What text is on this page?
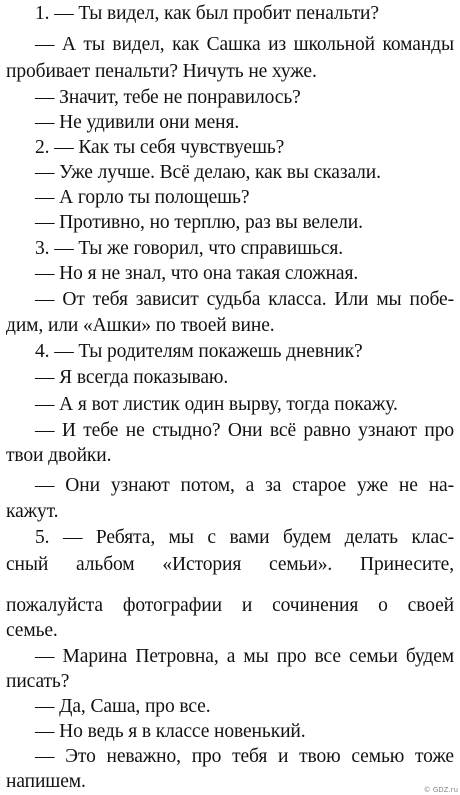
1. — Ты видел, как был пробит пенальти?
— А ты видел, как Сашка из школьной команды
пробивает пенальти? Ничуть не хуже.
— Значит, тебе не понравилось?
— Не удивили они меня.
2. — Как ты себя чувствуешь?
— Уже лучше. Всё делаю, как вы сказали.
— А горло ты полощешь?
— Противно, но терплю, раз вы велели.
3. — Ты же говорил, что справишься.
— Но я не знал, что она такая сложная.
— От тебя зависит судьба класса. Или мы побе-
дим, или «Ашки» по твоей вине.
4. — Ты родителям покажешь дневник?
— Я всегда показываю.
— А я вот листик один вырву, тогда покажу.
— И тебе не стыдно? Они всё равно узнают про
твои двойки.
— Они узнают потом, а за старое уже не на-
кажут.
5. — Ребята, мы с вами будем делать клас-
сный альбом «История семьи». Принесите,
пожалуйста фотографии и сочинения о своей
семье.
— Марина Петровна, а мы про все семьи будем
писать?
— Да, Саша, про все.
— Но ведь я в классе новенький.
— Это неважно, про тебя и твою семью тоже
напишем.	© GDZ.ru
